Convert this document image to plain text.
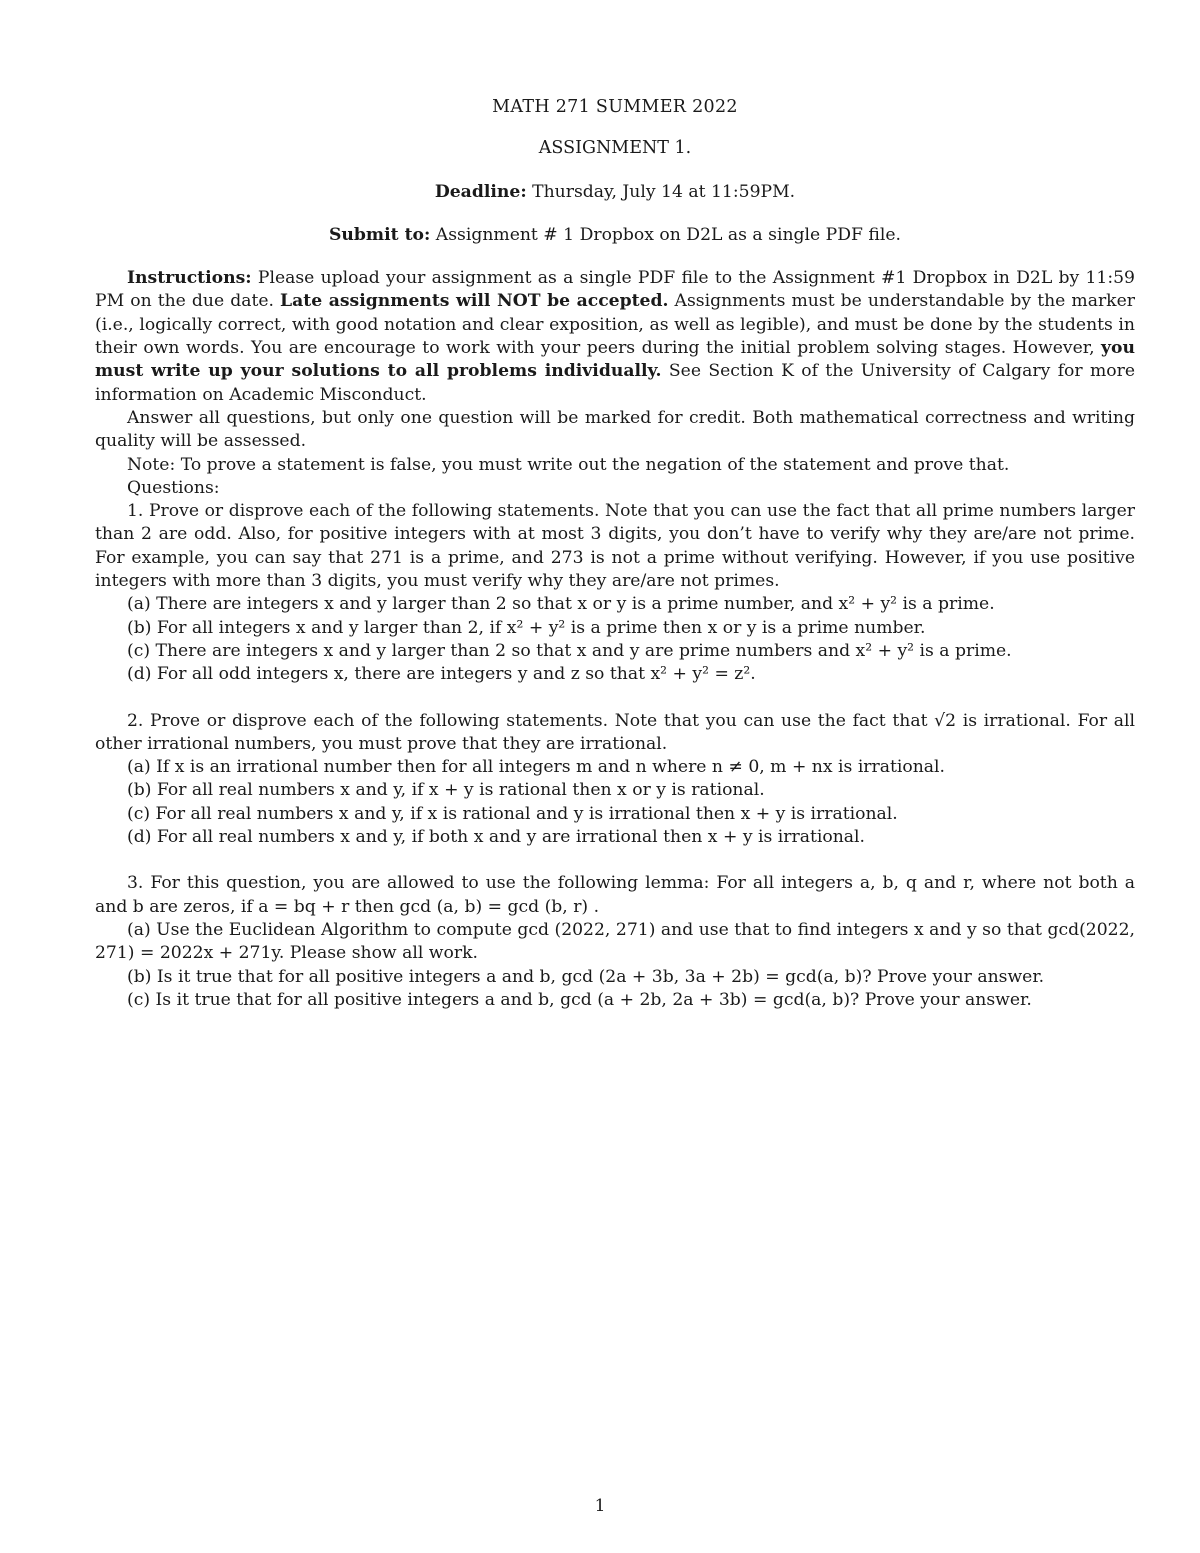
MATH 271 SUMMER 2022

ASSIGNMENT 1.

Deadline: Thursday, July 14 at 11:59PM.

Submit to: Assignment # 1 Dropbox on D2L as a single PDF file.

Instructions: Please upload your assignment as a single PDF file to the Assignment #1 Dropbox in D2L by 11:59 PM on the due date. Late assignments will NOT be accepted. Assignments must be understandable by the marker (i.e., logically correct, with good notation and clear exposition, as well as legible), and must be done by the students in their own words. You are encourage to work with your peers during the initial problem solving stages. However, you must write up your solutions to all problems individually. See Section K of the University of Calgary for more information on Academic Misconduct.

Answer all questions, but only one question will be marked for credit. Both mathematical correctness and writing quality will be assessed.

Note: To prove a statement is false, you must write out the negation of the statement and prove that.

Questions:

1. Prove or disprove each of the following statements. Note that you can use the fact that all prime numbers larger than 2 are odd. Also, for positive integers with at most 3 digits, you don’t have to verify why they are/are not prime. For example, you can say that 271 is a prime, and 273 is not a prime without verifying. However, if you use positive integers with more than 3 digits, you must verify why they are/are not primes.

(a) There are integers x and y larger than 2 so that x or y is a prime number, and x² + y² is a prime.

(b) For all integers x and y larger than 2, if x² + y² is a prime then x or y is a prime number.

(c) There are integers x and y larger than 2 so that x and y are prime numbers and x² + y² is a prime.

(d) For all odd integers x, there are integers y and z so that x² + y² = z².

2. Prove or disprove each of the following statements. Note that you can use the fact that √2 is irrational. For all other irrational numbers, you must prove that they are irrational.

(a) If x is an irrational number then for all integers m and n where n ≠ 0, m + nx is irrational.

(b) For all real numbers x and y, if x + y is rational then x or y is rational.

(c) For all real numbers x and y, if x is rational and y is irrational then x + y is irrational.

(d) For all real numbers x and y, if both x and y are irrational then x + y is irrational.

3. For this question, you are allowed to use the following lemma: For all integers a, b, q and r, where not both a and b are zeros, if a = bq + r then gcd (a, b) = gcd (b, r) .

(a) Use the Euclidean Algorithm to compute gcd (2022, 271) and use that to find integers x and y so that gcd(2022, 271) = 2022x + 271y. Please show all work.

(b) Is it true that for all positive integers a and b, gcd (2a + 3b, 3a + 2b) = gcd(a, b)? Prove your answer.

(c) Is it true that for all positive integers a and b, gcd (a + 2b, 2a + 3b) = gcd(a, b)? Prove your answer.

1
